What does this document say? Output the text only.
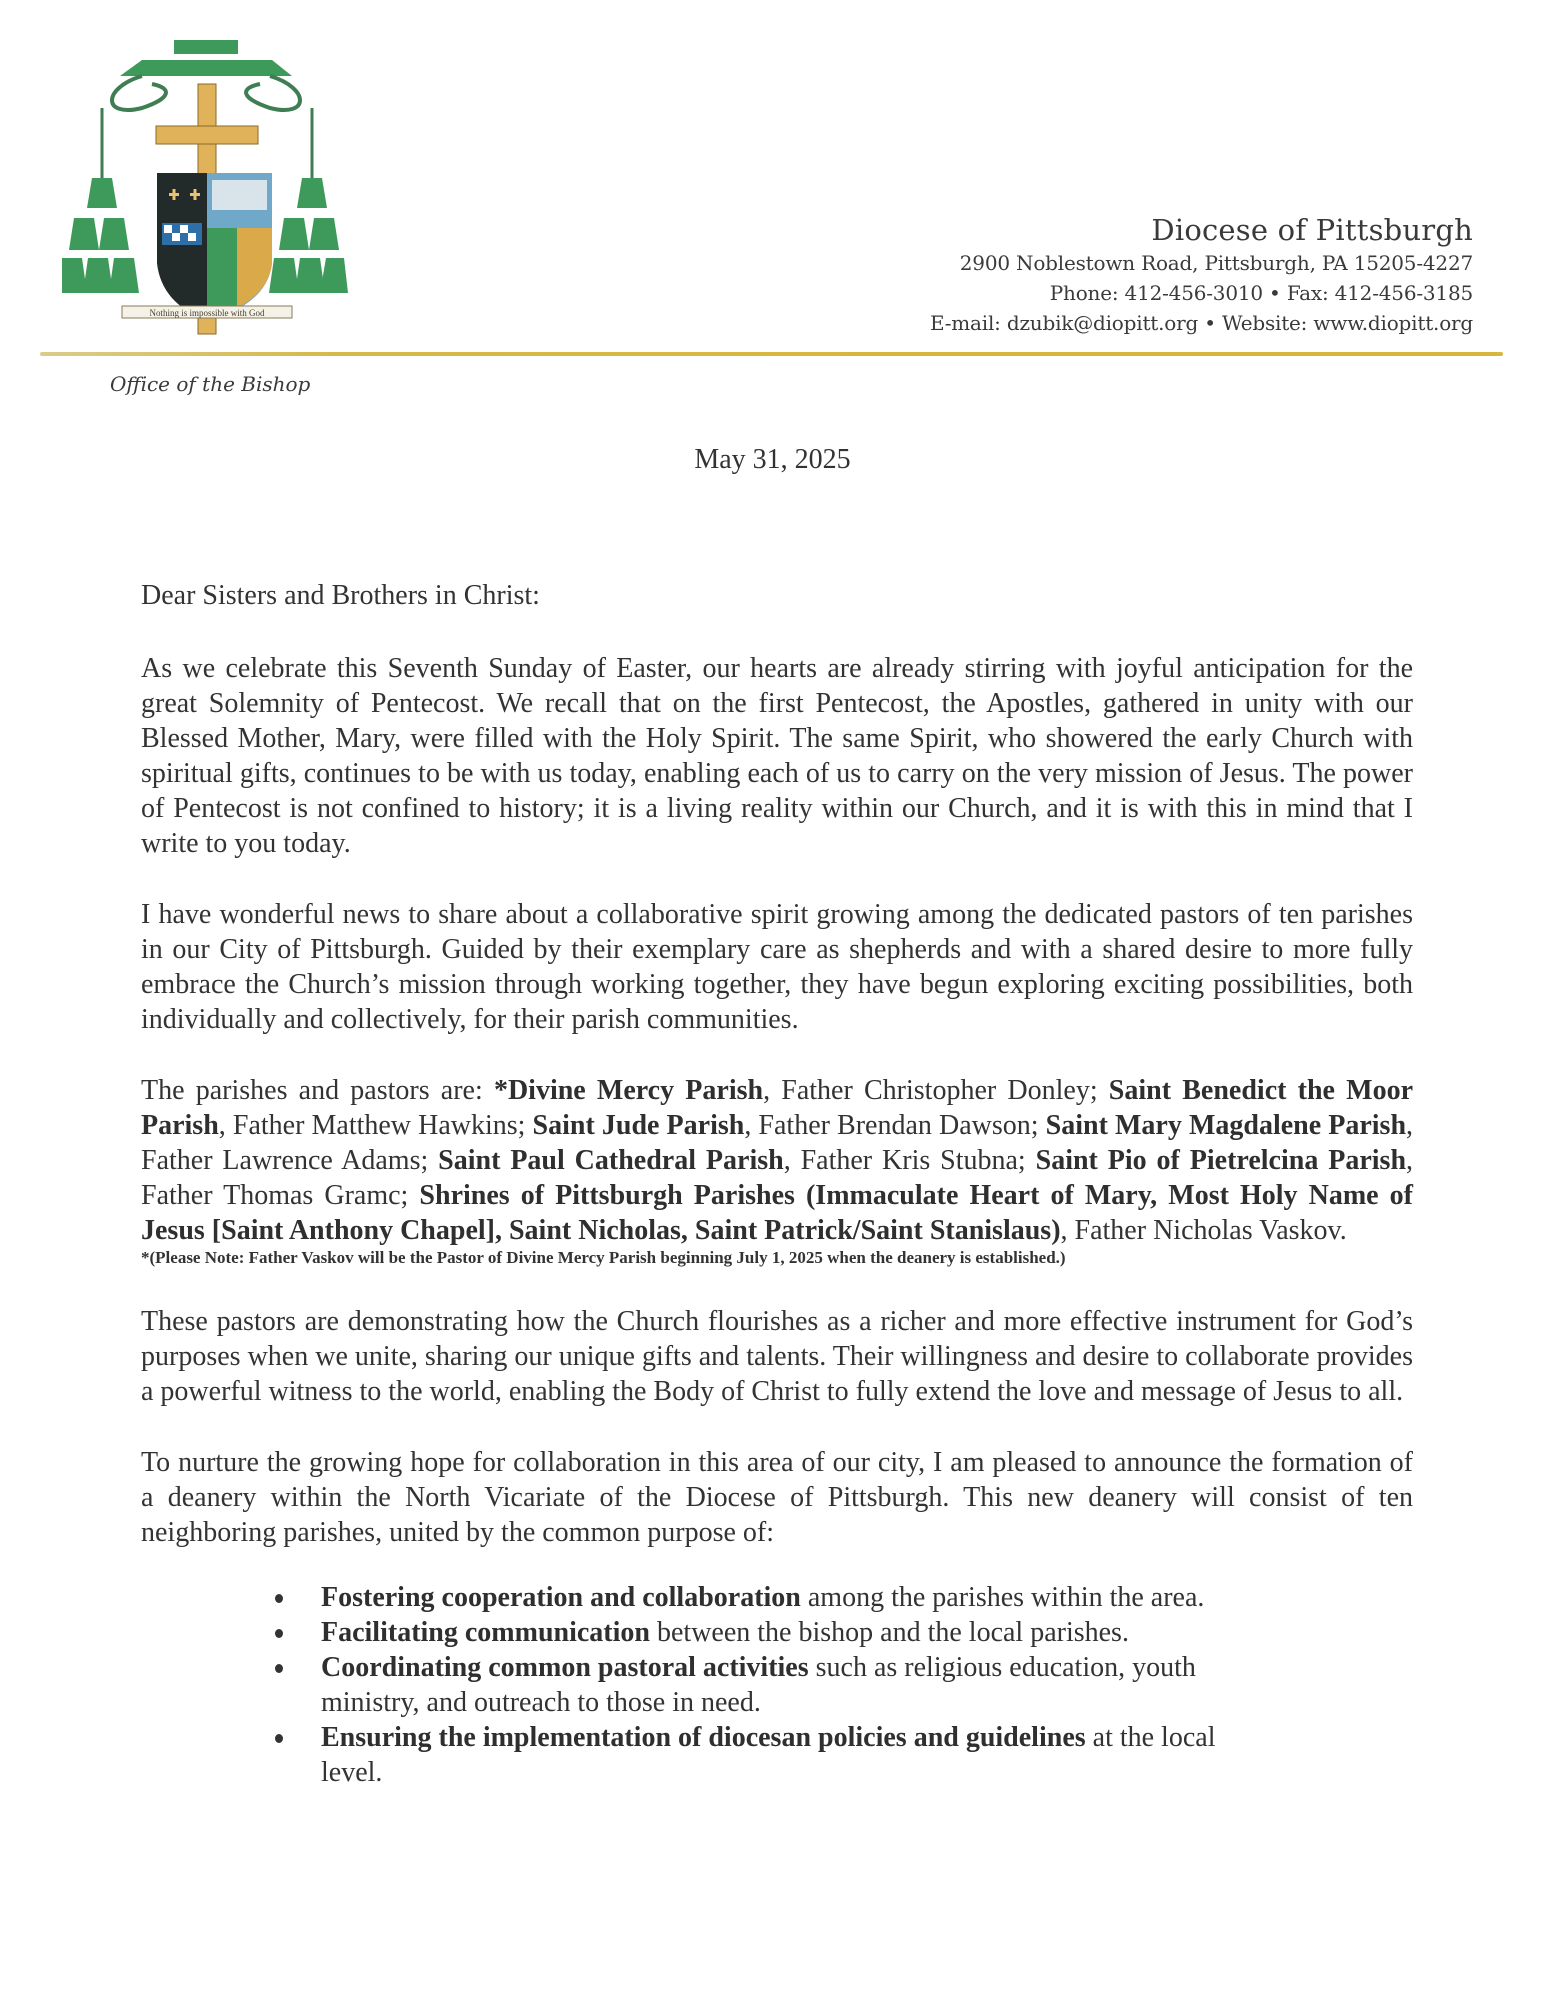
Nothing is impossible with God
Diocese of Pittsburgh
2900 Noblestown Road, Pittsburgh, PA 15205-4227
Phone: 412-456-3010 • Fax: 412-456-3185
E-mail: dzubik@diopitt.org • Website: www.diopitt.org
Office of the Bishop
May 31, 2025

Dear Sisters and Brothers in Christ:

As we celebrate this Seventh Sunday of Easter, our hearts are already stirring with joyful anticipation for the great Solemnity of Pentecost. We recall that on the first Pentecost, the Apostles, gathered in unity with our Blessed Mother, Mary, were filled with the Holy Spirit. The same Spirit, who showered the early Church with spiritual gifts, continues to be with us today, enabling each of us to carry on the very mission of Jesus. The power of Pentecost is not confined to history; it is a living reality within our Church, and it is with this in mind that I write to you today.

I have wonderful news to share about a collaborative spirit growing among the dedicated pastors of ten parishes in our City of Pittsburgh. Guided by their exemplary care as shepherds and with a shared desire to more fully embrace the Church’s mission through working together, they have begun exploring exciting possibilities, both individually and collectively, for their parish communities.

The parishes and pastors are: *Divine Mercy Parish, Father Christopher Donley; Saint Benedict the Moor Parish, Father Matthew Hawkins; Saint Jude Parish, Father Brendan Dawson; Saint Mary Magdalene Parish, Father Lawrence Adams; Saint Paul Cathedral Parish, Father Kris Stubna; Saint Pio of Pietrelcina Parish, Father Thomas Gramc; Shrines of Pittsburgh Parishes (Immaculate Heart of Mary, Most Holy Name of Jesus [Saint Anthony Chapel], Saint Nicholas, Saint Patrick/Saint Stanislaus), Father Nicholas Vaskov.

*(Please Note: Father Vaskov will be the Pastor of Divine Mercy Parish beginning July 1, 2025 when the deanery is established.)

These pastors are demonstrating how the Church flourishes as a richer and more effective instrument for God’s purposes when we unite, sharing our unique gifts and talents. Their willingness and desire to collaborate provides a powerful witness to the world, enabling the Body of Christ to fully extend the love and message of Jesus to all.

To nurture the growing hope for collaboration in this area of our city, I am pleased to announce the formation of a deanery within the North Vicariate of the Diocese of Pittsburgh. This new deanery will consist of ten neighboring parishes, united by the common purpose of:

Fostering cooperation and collaboration among the parishes within the area.
Facilitating communication between the bishop and the local parishes.
Coordinating common pastoral activities such as religious education, youth ministry, and outreach to those in need.
Ensuring the implementation of diocesan policies and guidelines at the local level.
